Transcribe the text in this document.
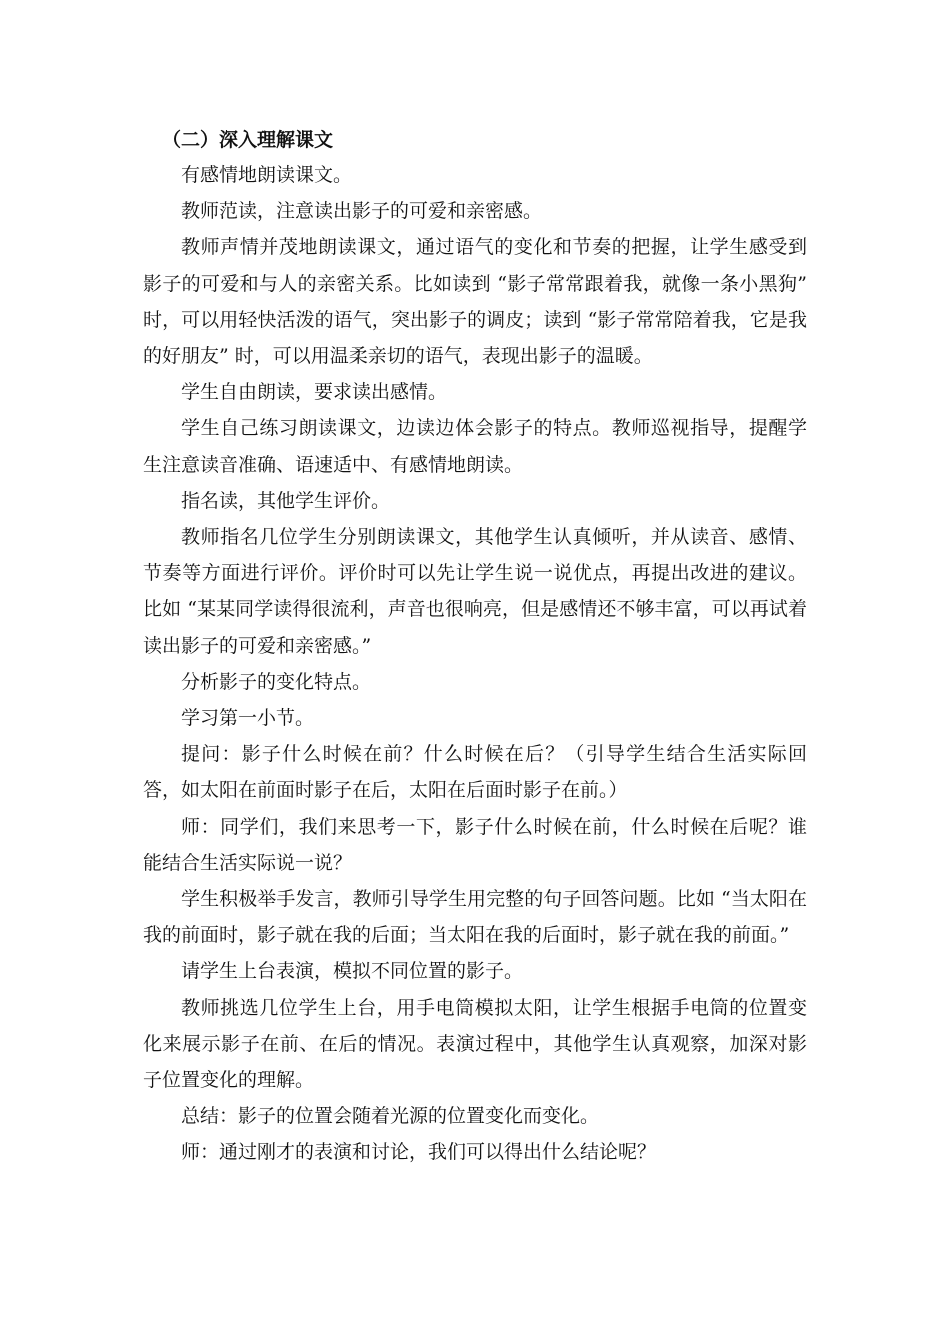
（二）深入理解课文

有感情地朗读课文。

教师范读，注意读出影子的可爱和亲密感。

教师声情并茂地朗读课文，通过语气的变化和节奏的把握，让学生感受到影子的可爱和与人的亲密关系。比如读到 “影子常常跟着我，就像一条小黑狗” 时，可以用轻快活泼的语气，突出影子的调皮；读到 “影子常常陪着我，它是我的好朋友” 时，可以用温柔亲切的语气，表现出影子的温暖。

学生自由朗读，要求读出感情。

学生自己练习朗读课文，边读边体会影子的特点。教师巡视指导，提醒学生注意读音准确、语速适中、有感情地朗读。

指名读，其他学生评价。

教师指名几位学生分别朗读课文，其他学生认真倾听，并从读音、感情、节奏等方面进行评价。评价时可以先让学生说一说优点，再提出改进的建议。比如 “某某同学读得很流利，声音也很响亮，但是感情还不够丰富，可以再试着读出影子的可爱和亲密感。”

分析影子的变化特点。

学习第一小节。

提问：影子什么时候在前？什么时候在后？（引导学生结合生活实际回答，如太阳在前面时影子在后，太阳在后面时影子在前。）

师：同学们，我们来思考一下，影子什么时候在前，什么时候在后呢？谁能结合生活实际说一说？

学生积极举手发言，教师引导学生用完整的句子回答问题。比如 “当太阳在我的前面时，影子就在我的后面；当太阳在我的后面时，影子就在我的前面。”

请学生上台表演，模拟不同位置的影子。

教师挑选几位学生上台，用手电筒模拟太阳，让学生根据手电筒的位置变化来展示影子在前、在后的情况。表演过程中，其他学生认真观察，加深对影子位置变化的理解。

总结：影子的位置会随着光源的位置变化而变化。

师：通过刚才的表演和讨论，我们可以得出什么结论呢？
